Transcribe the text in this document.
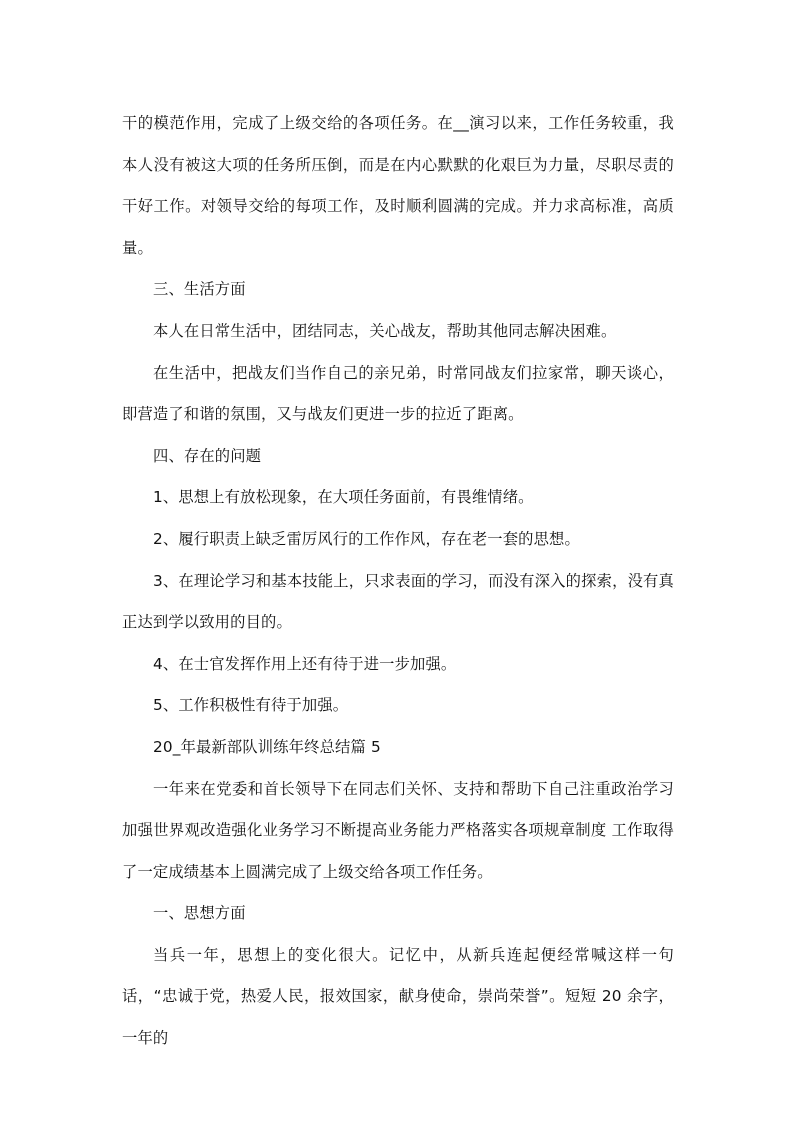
干的模范作用，完成了上级交给的各项任务。在__演习以来，工作任务较重，我本人没有被这大项的任务所压倒，而是在内心默默的化艰巨为力量，尽职尽责的干好工作。对领导交给的每项工作，及时顺利圆满的完成。并力求高标准，高质量。

三、生活方面

本人在日常生活中，团结同志，关心战友，帮助其他同志解决困难。

在生活中，把战友们当作自己的亲兄弟，时常同战友们拉家常，聊天谈心，即营造了和谐的氛围，又与战友们更进一步的拉近了距离。

四、存在的问题

1、思想上有放松现象，在大项任务面前，有畏维情绪。

2、履行职责上缺乏雷厉风行的工作作风，存在老一套的思想。

3、在理论学习和基本技能上，只求表面的学习，而没有深入的探索，没有真正达到学以致用的目的。

4、在士官发挥作用上还有待于进一步加强。

5、工作积极性有待于加强。

20_年最新部队训练年终总结篇 5

一年来在党委和首长领导下在同志们关怀、支持和帮助下自己注重政治学习加强世界观改造强化业务学习不断提高业务能力严格落实各项规章制度 工作取得了一定成绩基本上圆满完成了上级交给各项工作任务。

一、思想方面

当兵一年，思想上的变化很大。记忆中，从新兵连起便经常喊这样一句话，“忠诚于党，热爱人民，报效国家，献身使命，崇尚荣誉”。短短 20 余字，一年的
